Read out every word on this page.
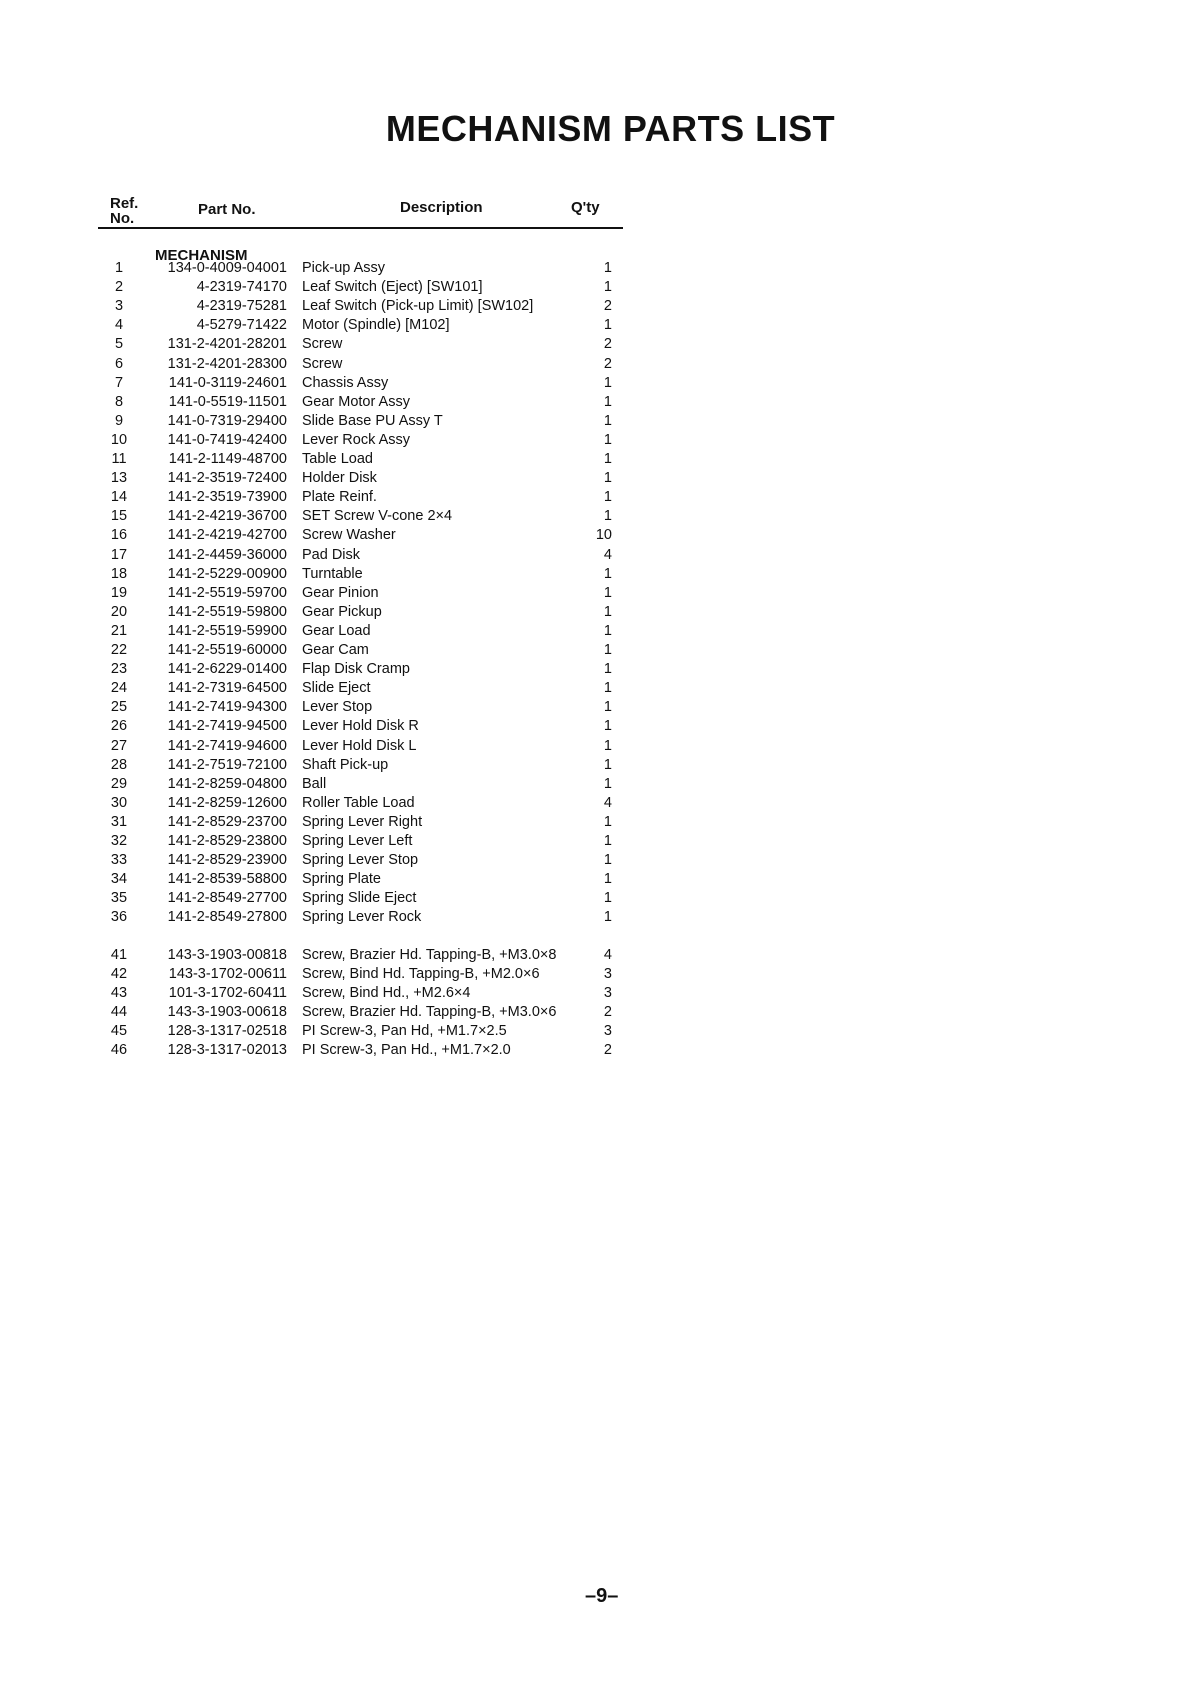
MECHANISM PARTS LIST
Ref.
No.
Part No.	Description	Q'ty
MECHANISM
1	134-0-4009-04001 Pick-up Assy	1
2	4-2319-74170 Leaf Switch (Eject) [SW101]	1
3	4-2319-75281 Leaf Switch (Pick-up Limit) [SW102]	2
4	4-5279-71422 Motor (Spindle) [M102]	1
5	131-2-4201-28201 Screw	2
6	131-2-4201-28300 Screw	2
7	141-0-3119-24601 Chassis Assy	1
8	141-0-5519-11501 Gear Motor Assy	1
9	141-0-7319-29400 Slide Base PU Assy T	1
10	141-0-7419-42400 Lever Rock Assy	1
11	141-2-1149-48700 Table Load	1
13	141-2-3519-72400 Holder Disk	1
14	141-2-3519-73900 Plate Reinf.	1
15	141-2-4219-36700 SET Screw V-cone 2×4	1
16	141-2-4219-42700 Screw Washer	10
17	141-2-4459-36000 Pad Disk	4
18	141-2-5229-00900 Turntable	1
19	141-2-5519-59700 Gear Pinion	1
20	141-2-5519-59800 Gear Pickup	1
21	141-2-5519-59900 Gear Load	1
22	141-2-5519-60000 Gear Cam	1
23	141-2-6229-01400 Flap Disk Cramp	1
24	141-2-7319-64500 Slide Eject	1
25	141-2-7419-94300 Lever Stop	1
26	141-2-7419-94500 Lever Hold Disk R	1
27	141-2-7419-94600 Lever Hold Disk L	1
28	141-2-7519-72100 Shaft Pick-up	1
29	141-2-8259-04800 Ball	1
30	141-2-8259-12600 Roller Table Load	4
31	141-2-8529-23700 Spring Lever Right	1
32	141-2-8529-23800 Spring Lever Left	1
33	141-2-8529-23900 Spring Lever Stop	1
34	141-2-8539-58800 Spring Plate	1
35	141-2-8549-27700 Spring Slide Eject	1
36	141-2-8549-27800 Spring Lever Rock	1
41	143-3-1903-00818 Screw, Brazier Hd. Tapping-B, +M3.0×8	4
42	143-3-1702-00611 Screw, Bind Hd. Tapping-B, +M2.0×6	3
43	101-3-1702-60411 Screw, Bind Hd., +M2.6×4	3
44	143-3-1903-00618 Screw, Brazier Hd. Tapping-B, +M3.0×6	2
45	128-3-1317-02518 PI Screw-3, Pan Hd, +M1.7×2.5	3
46	128-3-1317-02013 PI Screw-3, Pan Hd., +M1.7×2.0	2
–9–
